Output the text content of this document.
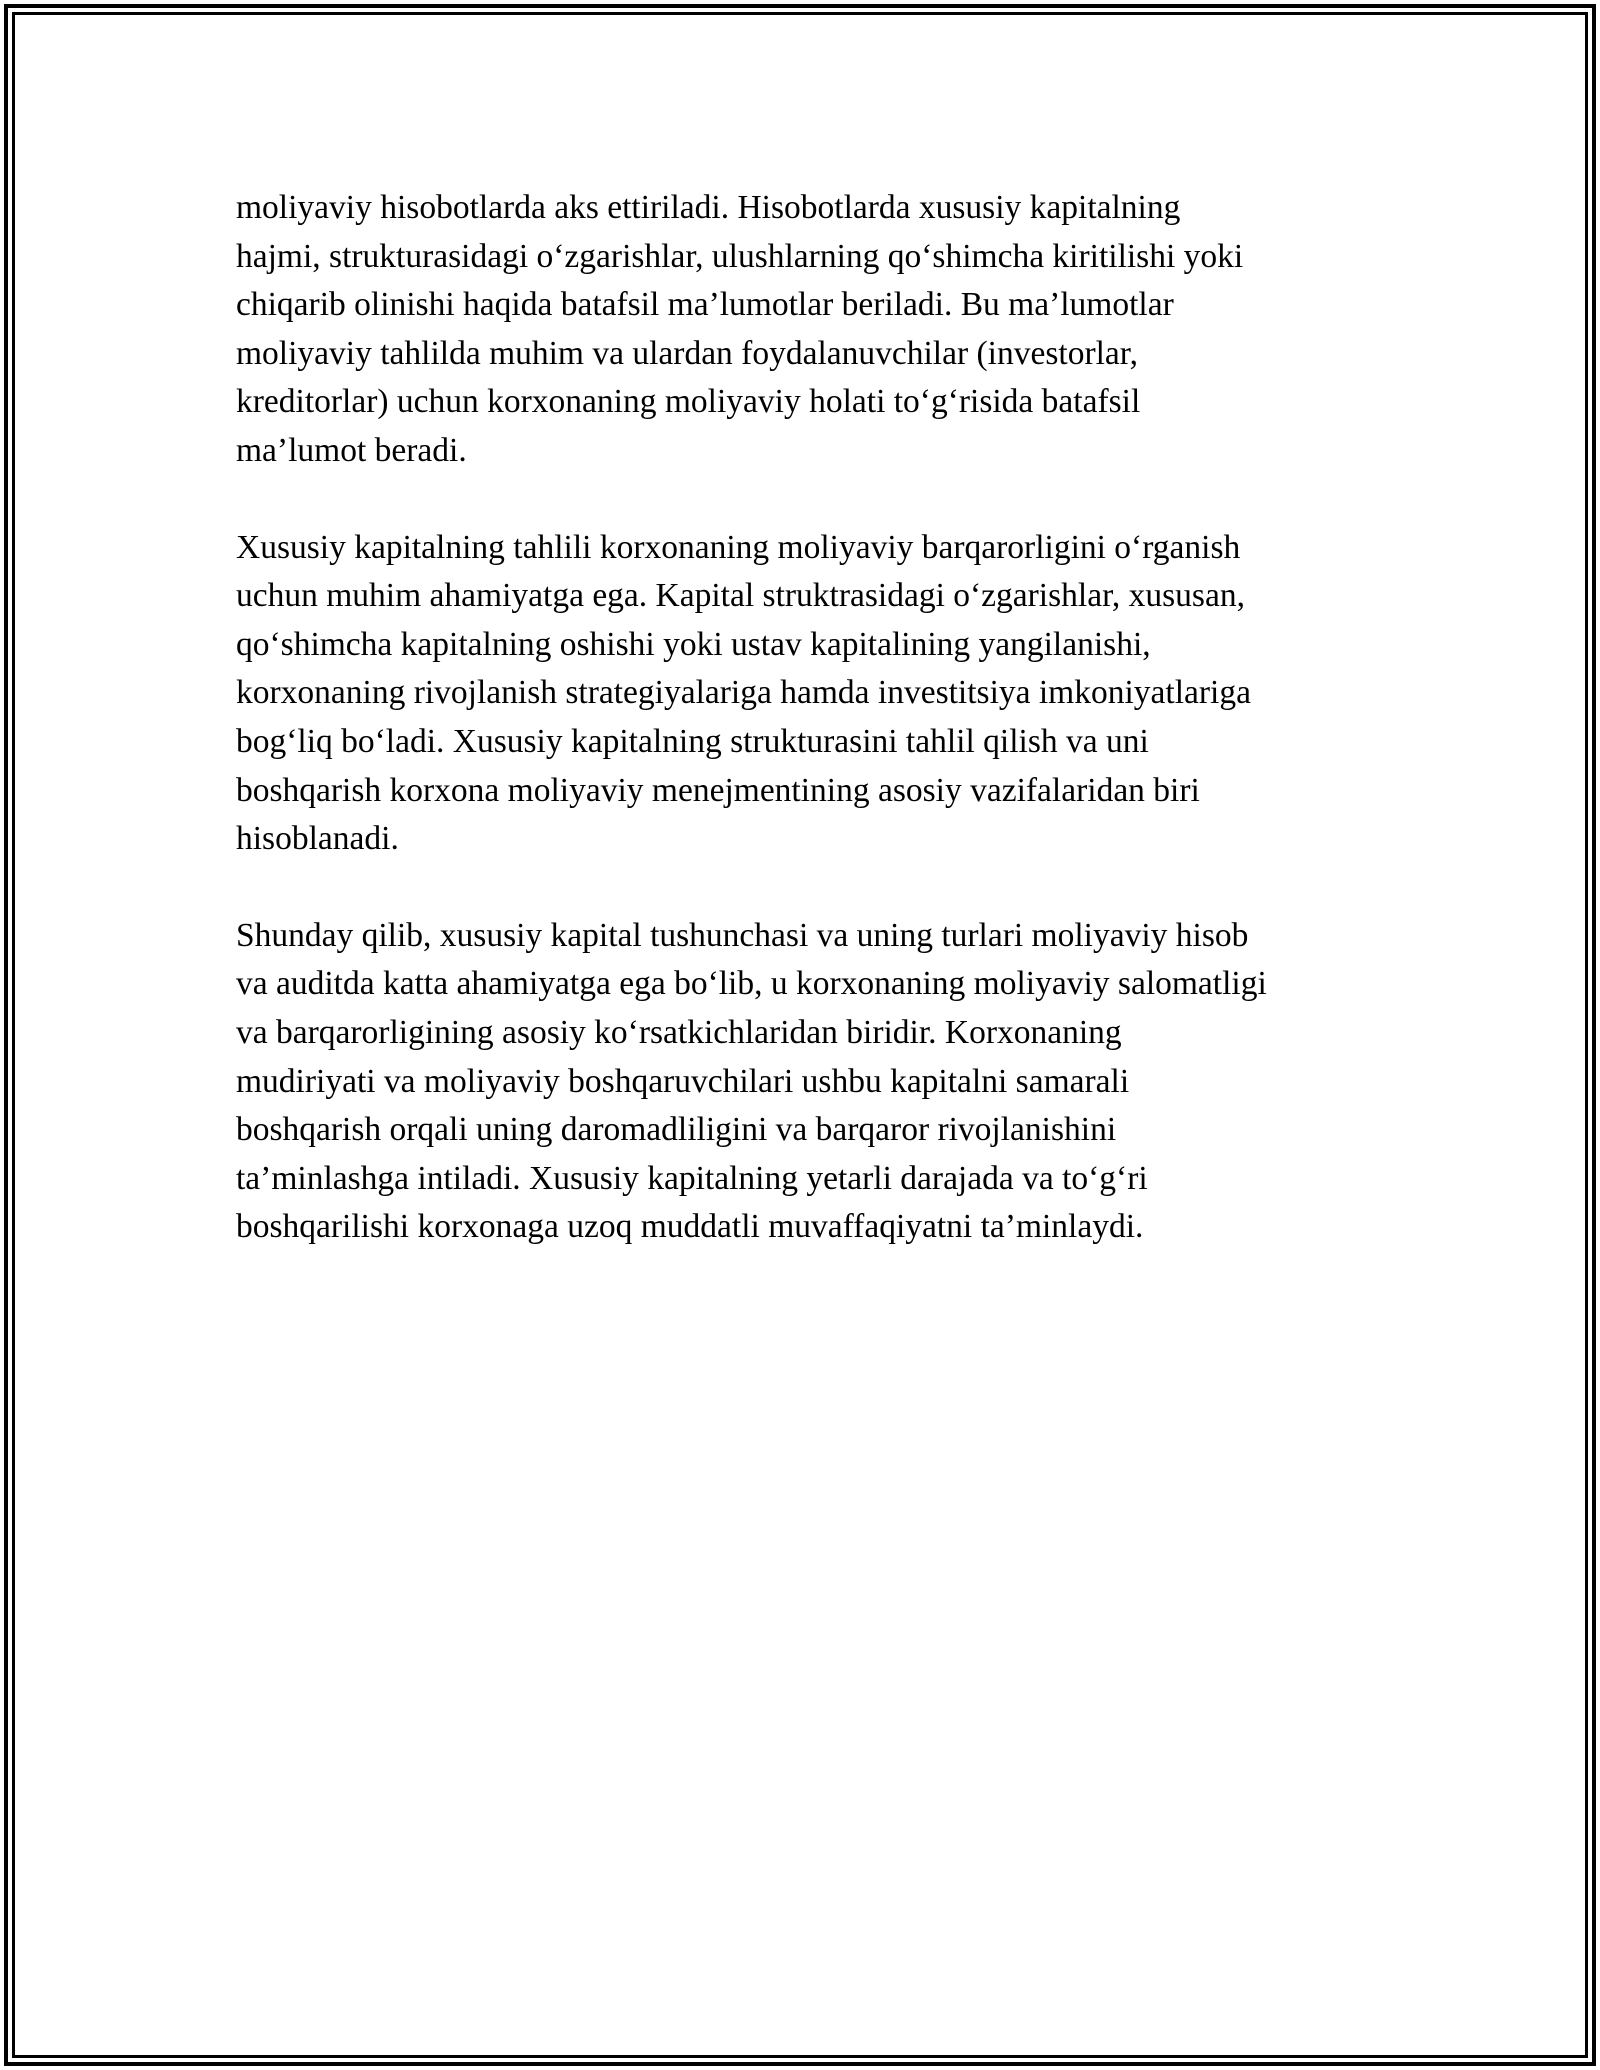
moliyaviy hisobotlarda aks ettiriladi. Hisobotlarda xususiy kapitalning
hajmi, strukturasidagi o‘zgarishlar, ulushlarning qo‘shimcha kiritilishi yoki
chiqarib olinishi haqida batafsil ma’lumotlar beriladi. Bu ma’lumotlar
moliyaviy tahlilda muhim va ulardan foydalanuvchilar (investorlar,
kreditorlar) uchun korxonaning moliyaviy holati to‘g‘risida batafsil
ma’lumot beradi.

Xususiy kapitalning tahlili korxonaning moliyaviy barqarorligini o‘rganish
uchun muhim ahamiyatga ega. Kapital struktrasidagi o‘zgarishlar, xususan,
qo‘shimcha kapitalning oshishi yoki ustav kapitalining yangilanishi,
korxonaning rivojlanish strategiyalariga hamda investitsiya imkoniyatlariga
bog‘liq bo‘ladi. Xususiy kapitalning strukturasini tahlil qilish va uni
boshqarish korxona moliyaviy menejmentining asosiy vazifalaridan biri
hisoblanadi.

Shunday qilib, xususiy kapital tushunchasi va uning turlari moliyaviy hisob
va auditda katta ahamiyatga ega bo‘lib, u korxonaning moliyaviy salomatligi
va barqarorligining asosiy ko‘rsatkichlaridan biridir. Korxonaning
mudiriyati va moliyaviy boshqaruvchilari ushbu kapitalni samarali
boshqarish orqali uning daromadliligini va barqaror rivojlanishini
ta’minlashga intiladi. Xususiy kapitalning yetarli darajada va to‘g‘ri
boshqarilishi korxonaga uzoq muddatli muvaffaqiyatni ta’minlaydi.
